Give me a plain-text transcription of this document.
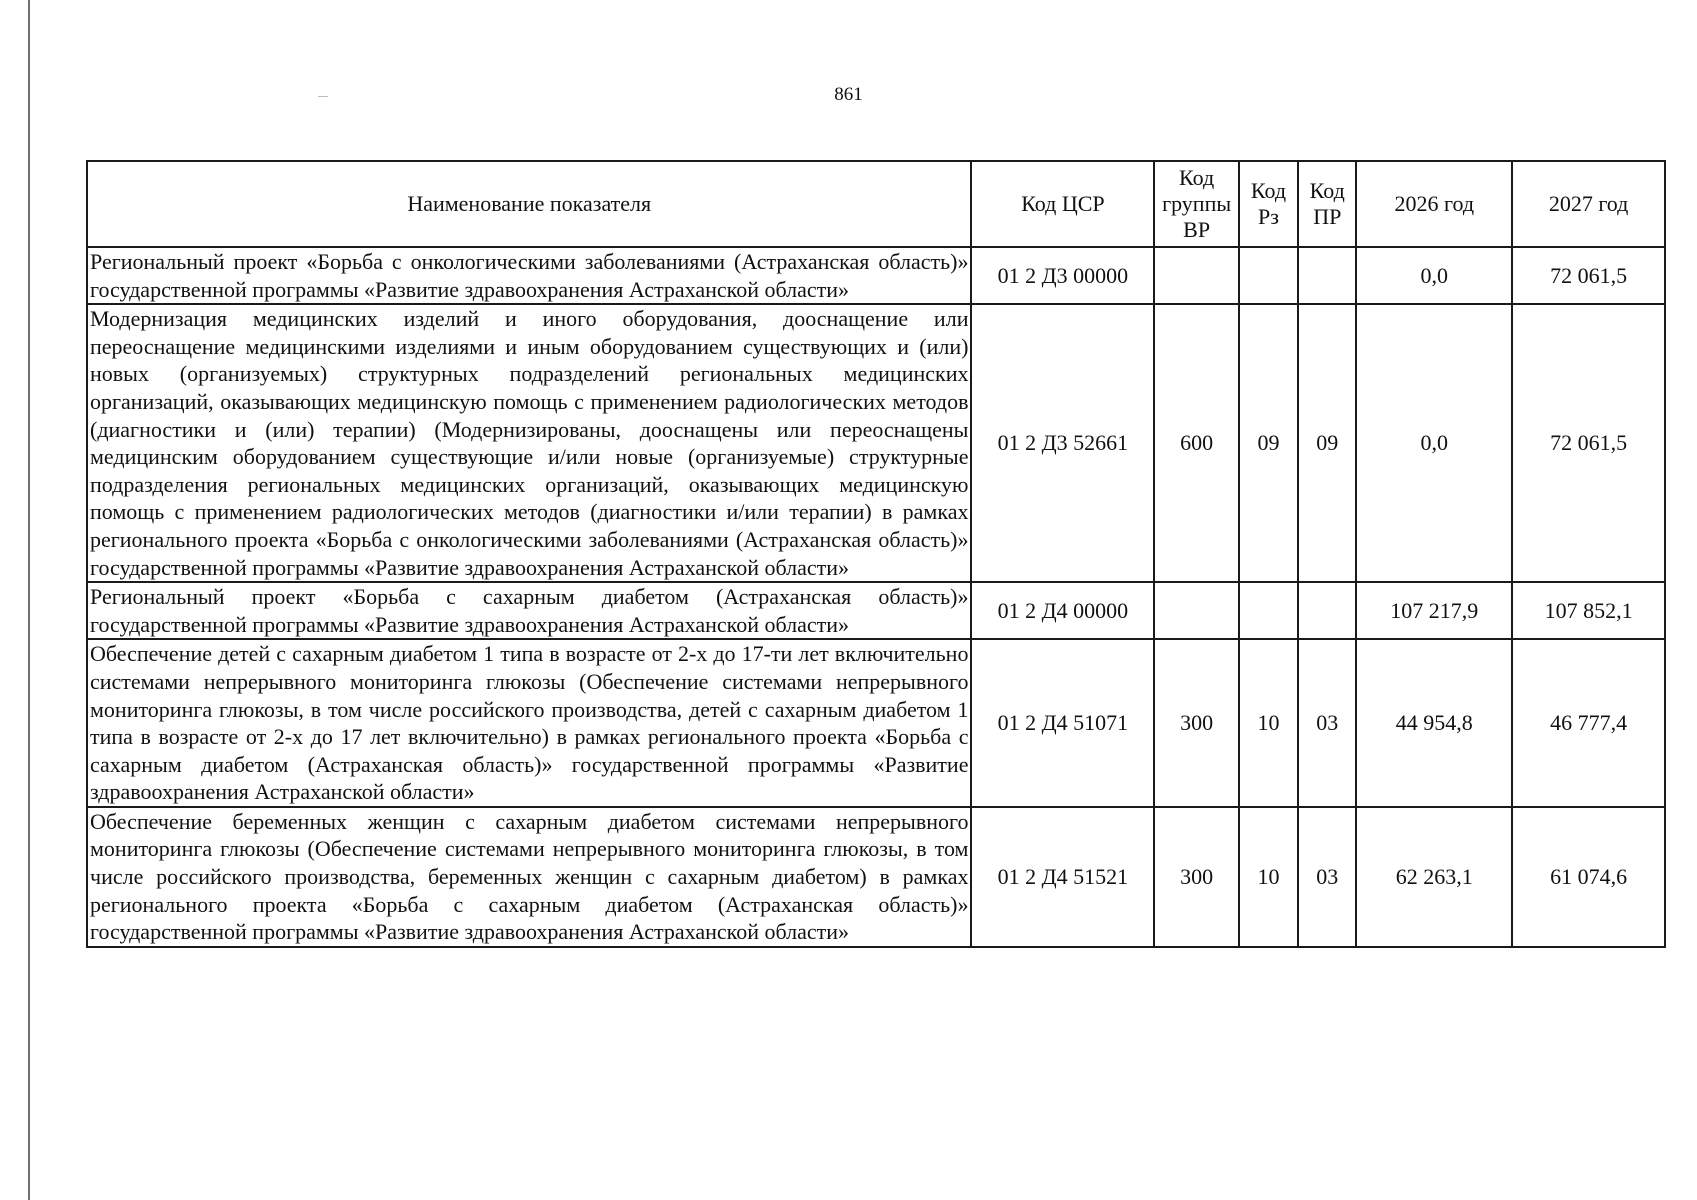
861
Наименование показателя	Код ЦСР	Код группы ВР	Код Рз	Код ПР	2026 год	2027 год
Региональный проект «Борьба с онкологическими заболеваниями (Астраханская область)» государственной программы «Развитие здравоохранения Астраханской области»	01 2 Д3 00000				0,0	72 061,5
Модернизация медицинских изделий и иного оборудования, дооснащение или переоснащение медицинскими изделиями и иным оборудованием существующих и (или) новых (организуемых) структурных подразделений региональных медицинских организаций, оказывающих медицинскую помощь с применением радиологических методов (диагностики и (или) терапии) (Модернизированы, дооснащены или переоснащены медицинским оборудованием существующие и/или новые (организуемые) структурные подразделения региональных медицинских организаций, оказывающих медицинскую помощь с применением радиологических методов (диагностики и/или терапии) в рамках регионального проекта «Борьба с онкологическими заболеваниями (Астраханская область)» государственной программы «Развитие здравоохранения Астраханской области»	01 2 Д3 52661	600	09	09	0,0	72 061,5
Региональный проект «Борьба с сахарным диабетом (Астраханская область)» государственной программы «Развитие здравоохранения Астраханской области»	01 2 Д4 00000				107 217,9	107 852,1
Обеспечение детей с сахарным диабетом 1 типа в возрасте от 2-х до 17-ти лет включительно системами непрерывного мониторинга глюкозы (Обеспечение системами непрерывного мониторинга глюкозы, в том числе российского производства, детей с сахарным диабетом 1 типа в возрасте от 2-х до 17 лет включительно) в рамках регионального проекта «Борьба с сахарным диабетом (Астраханская область)» государственной программы «Развитие здравоохранения Астраханской области»	01 2 Д4 51071	300	10	03	44 954,8	46 777,4
Обеспечение беременных женщин с сахарным диабетом системами непрерывного мониторинга глюкозы (Обеспечение системами непрерывного мониторинга глюкозы, в том числе российского производства, беременных женщин с сахарным диабетом) в рамках регионального проекта «Борьба с сахарным диабетом (Астраханская область)» государственной программы «Развитие здравоохранения Астраханской области»	01 2 Д4 51521	300	10	03	62 263,1	61 074,6
